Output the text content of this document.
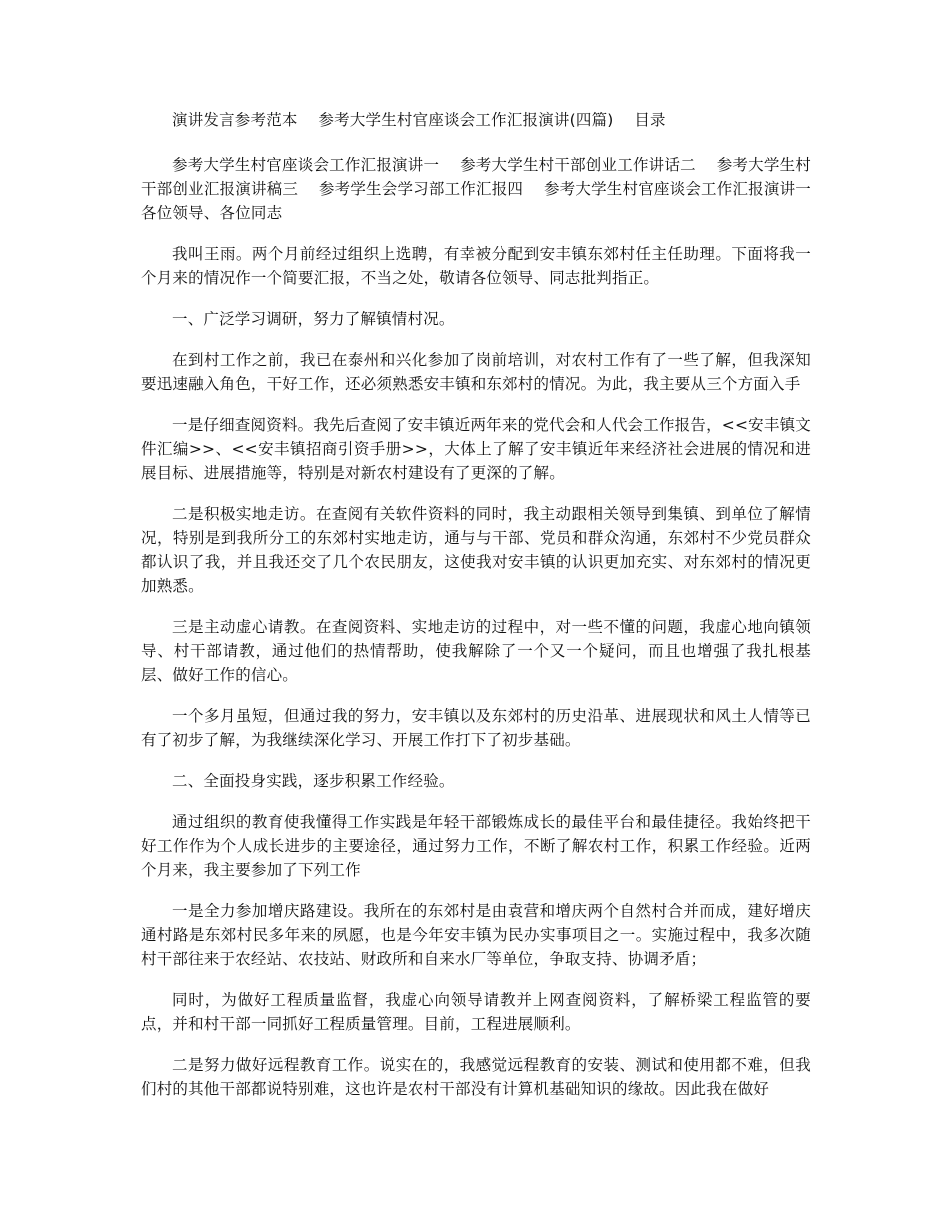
演讲发言参考范本　 参考大学生村官座谈会工作汇报演讲(四篇)　 目录

参考大学生村官座谈会工作汇报演讲一　 参考大学生村干部创业工作讲话二　 参考大学生村干部创业汇报演讲稿三　 参考学生会学习部工作汇报四　 参考大学生村官座谈会工作汇报演讲一　各位领导、各位同志

我叫王雨。两个月前经过组织上选聘，有幸被分配到安丰镇东郊村任主任助理。下面将我一个月来的情况作一个简要汇报，不当之处，敬请各位领导、同志批判指正。

一、广泛学习调研，努力了解镇情村况。

在到村工作之前，我已在泰州和兴化参加了岗前培训，对农村工作有了一些了解，但我深知要迅速融入角色，干好工作，还必须熟悉安丰镇和东郊村的情况。为此，我主要从三个方面入手

一是仔细查阅资料。我先后查阅了安丰镇近两年来的党代会和人代会工作报告，<<安丰镇文件汇编>>、<<安丰镇招商引资手册>>，大体上了解了安丰镇近年来经济社会进展的情况和进展目标、进展措施等，特别是对新农村建设有了更深的了解。

二是积极实地走访。在查阅有关软件资料的同时，我主动跟相关领导到集镇、到单位了解情况，特别是到我所分工的东郊村实地走访，通与与干部、党员和群众沟通，东郊村不少党员群众都认识了我，并且我还交了几个农民朋友，这使我对安丰镇的认识更加充实、对东郊村的情况更加熟悉。

三是主动虚心请教。在查阅资料、实地走访的过程中，对一些不懂的问题，我虚心地向镇领导、村干部请教，通过他们的热情帮助，使我解除了一个又一个疑问，而且也增强了我扎根基层、做好工作的信心。

一个多月虽短，但通过我的努力，安丰镇以及东郊村的历史沿革、进展现状和风土人情等已有了初步了解，为我继续深化学习、开展工作打下了初步基础。

二、全面投身实践，逐步积累工作经验。

通过组织的教育使我懂得工作实践是年轻干部锻炼成长的最佳平台和最佳捷径。我始终把干好工作作为个人成长进步的主要途径，通过努力工作，不断了解农村工作，积累工作经验。近两个月来，我主要参加了下列工作

一是全力参加增庆路建设。我所在的东郊村是由袁营和增庆两个自然村合并而成，建好增庆通村路是东郊村民多年来的夙愿，也是今年安丰镇为民办实事项目之一。实施过程中，我多次随村干部往来于农经站、农技站、财政所和自来水厂等单位，争取支持、协调矛盾；

同时，为做好工程质量监督，我虚心向领导请教并上网查阅资料，了解桥梁工程监管的要点，并和村干部一同抓好工程质量管理。目前，工程进展顺利。

二是努力做好远程教育工作。说实在的，我感觉远程教育的安装、测试和使用都不难，但我们村的其他干部都说特别难，这也许是农村干部没有计算机基础知识的缘故。因此我在做好
